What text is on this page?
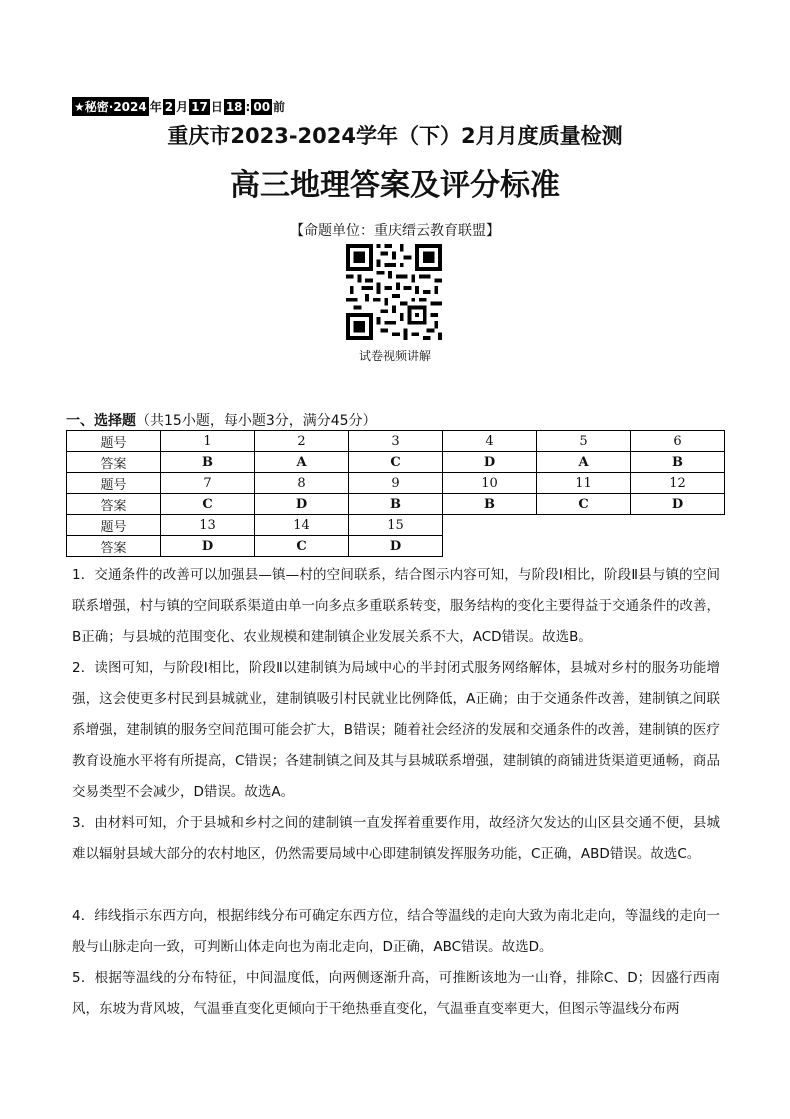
★秘密·2024 年 2 月 17 日 18 : 00 前
重庆市2023-2024学年（下）2月月度质量检测
高三地理答案及评分标准
【命题单位：重庆缙云教育联盟】
试卷视频讲解
一、选择题（共15小题，每小题3分，满分45分）
题号	1	2	3	4	5	6
答案	B	A	C	D	A	B
题号	7	8	9	10	11	12
答案	C	D	B	B	C	D
题号	13	14	15			
答案	D	C	D			
1．交通条件的改善可以加强县—镇—村的空间联系，结合图示内容可知，与阶段Ⅰ相比，阶段Ⅱ县与镇的空间联系增强，村与镇的空间联系渠道由单一向多点多重联系转变，服务结构的变化主要得益于交通条件的改善，B正确；与县城的范围变化、农业规模和建制镇企业发展关系不大，ACD错误。故选B。
2．读图可知，与阶段Ⅰ相比，阶段Ⅱ以建制镇为局域中心的半封闭式服务网络解体，县城对乡村的服务功能增强，这会使更多村民到县城就业，建制镇吸引村民就业比例降低，A正确；由于交通条件改善，建制镇之间联系增强，建制镇的服务空间范围可能会扩大，B错误；随着社会经济的发展和交通条件的改善，建制镇的医疗教育设施水平将有所提高，C错误；各建制镇之间及其与县城联系增强，建制镇的商铺进货渠道更通畅，商品交易类型不会减少，D错误。故选A。
3．由材料可知，介于县城和乡村之间的建制镇一直发挥着重要作用，故经济欠发达的山区县交通不便，县城难以辐射县域大部分的农村地区，仍然需要局域中心即建制镇发挥服务功能，C正确，ABD错误。故选C。
4．纬线指示东西方向，根据纬线分布可确定东西方位，结合等温线的走向大致为南北走向，等温线的走向一般与山脉走向一致，可判断山体走向也为南北走向，D正确，ABC错误。故选D。
5．根据等温线的分布特征，中间温度低，向两侧逐渐升高，可推断该地为一山脊，排除C、D；因盛行西南风，东坡为背风坡，气温垂直变化更倾向于干绝热垂直变化，气温垂直变率更大，但图示等温线分布两
